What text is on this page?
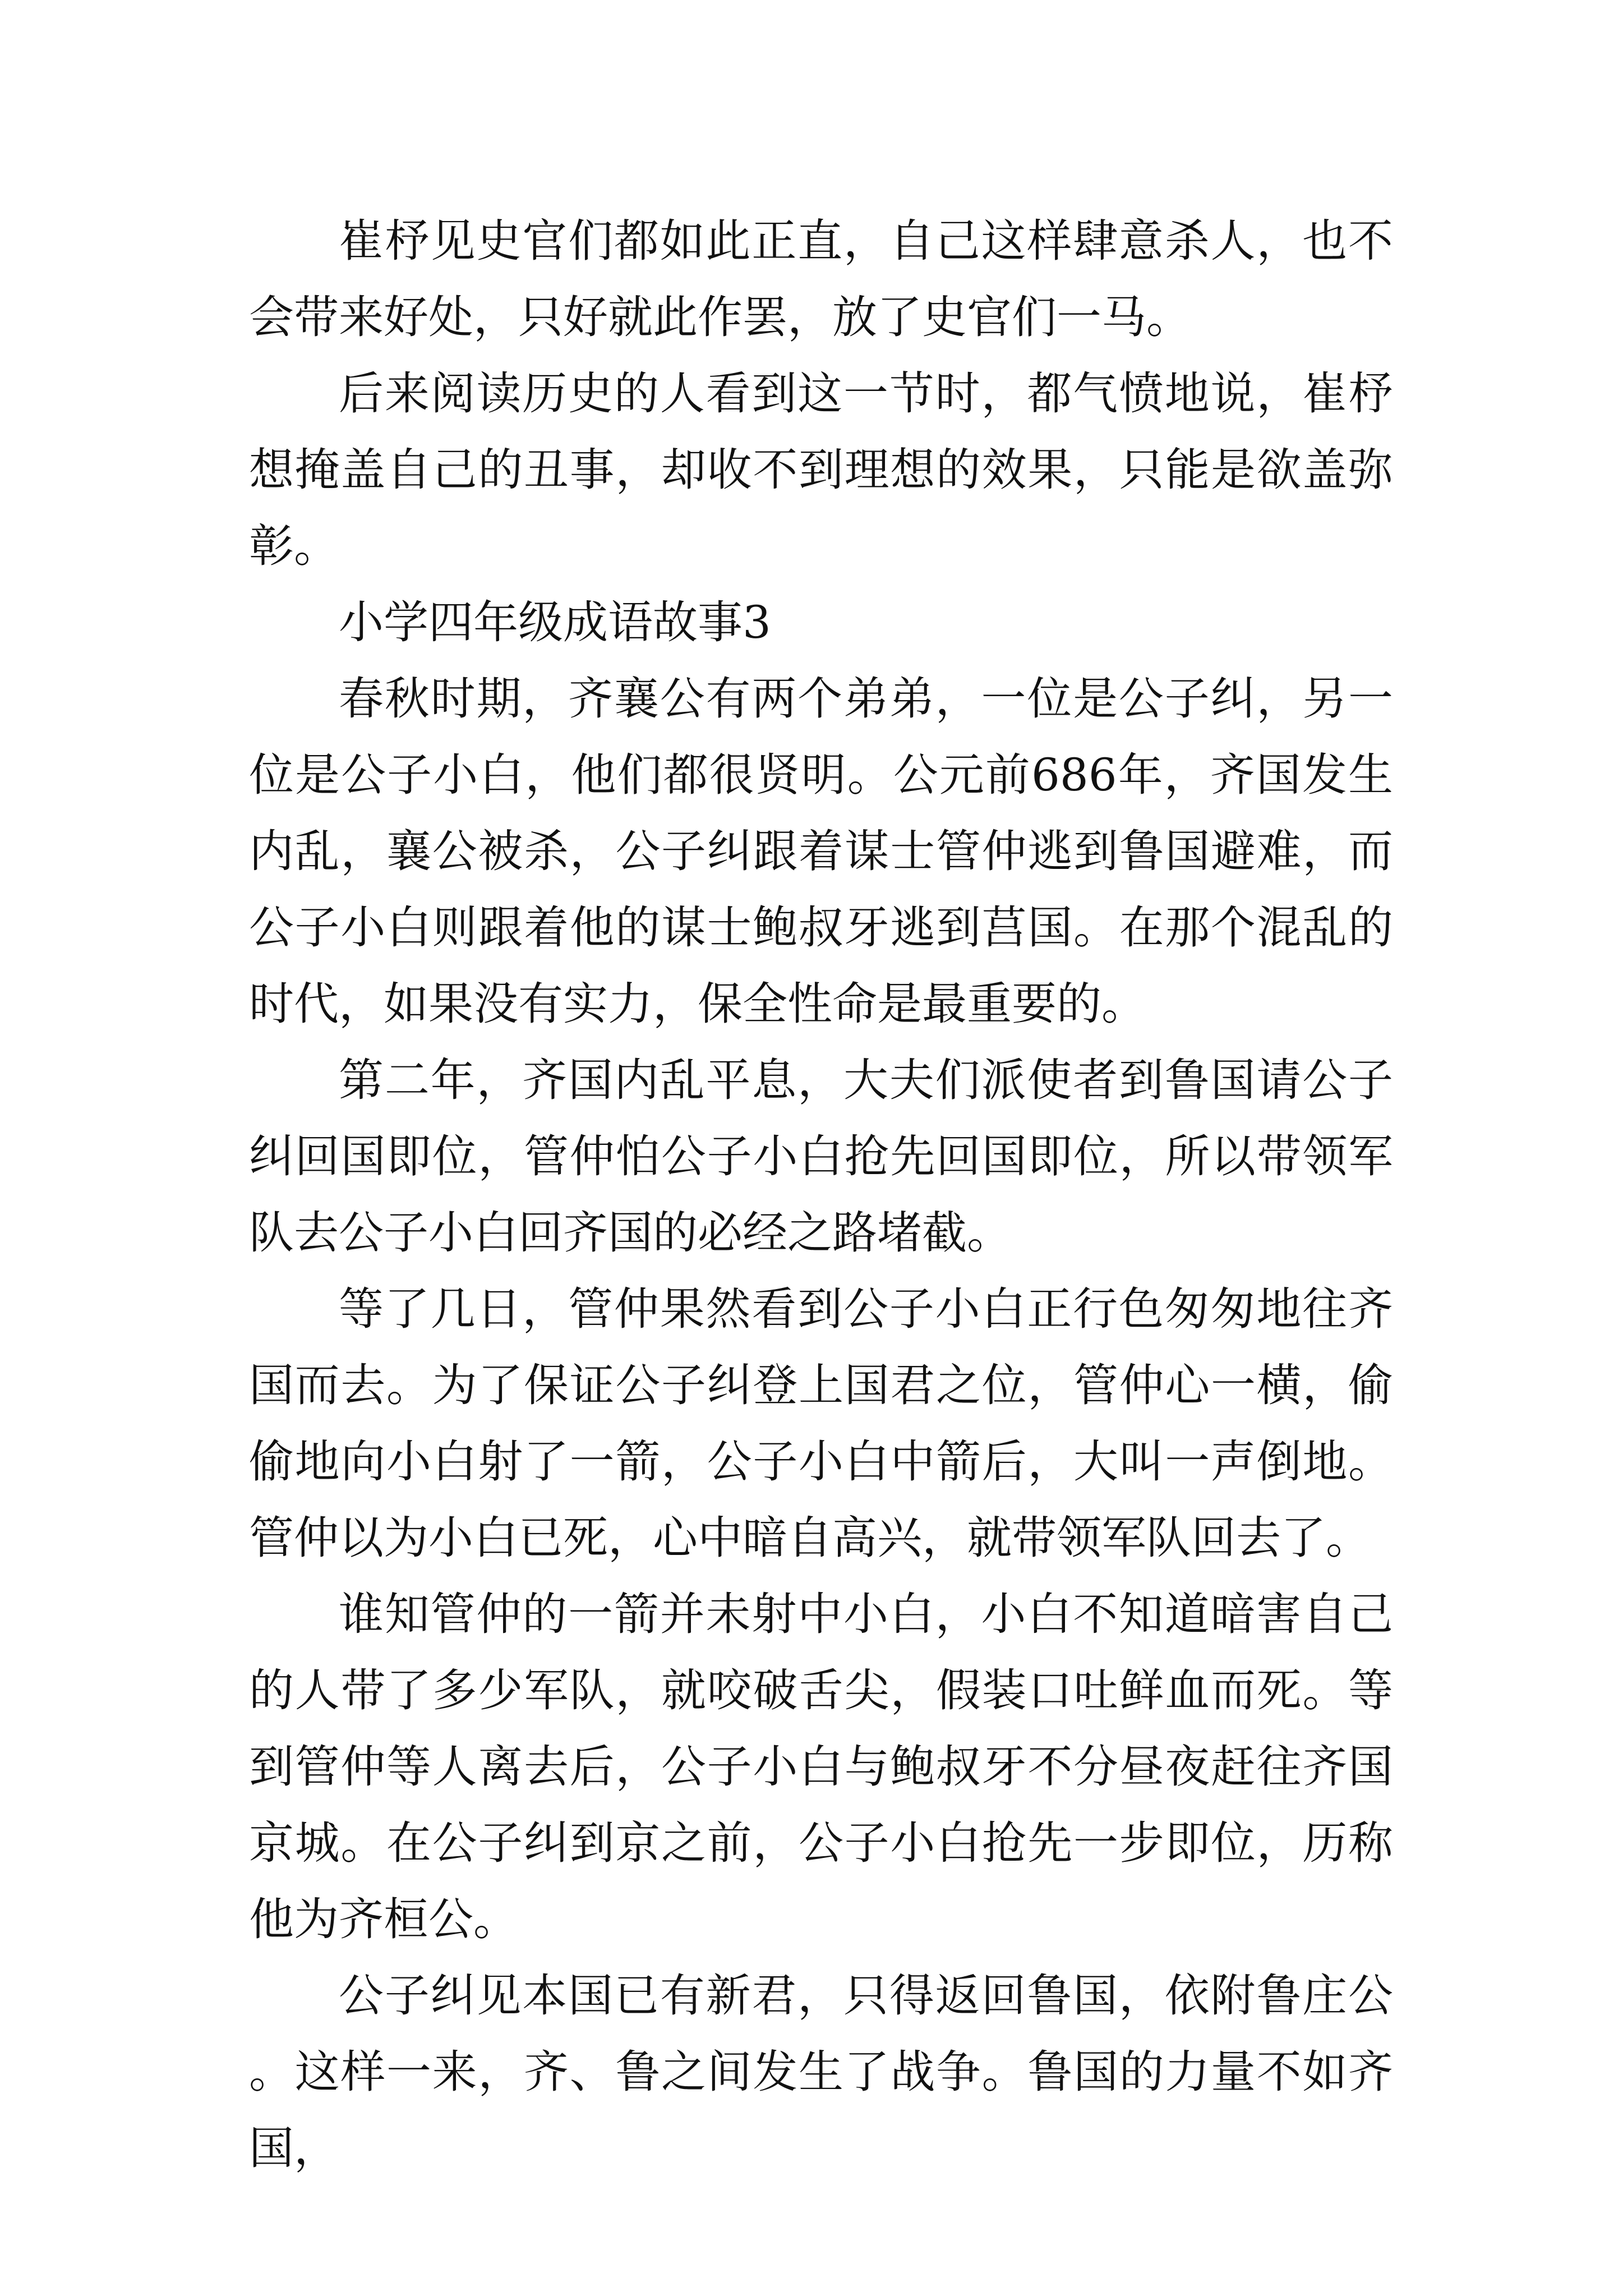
崔杼见史官们都如此正直，自己这样肆意杀人，也不会带来好处，只好就此作罢，放了史官们一马。

后来阅读历史的人看到这一节时，都气愤地说，崔杼想掩盖自己的丑事，却收不到理想的效果，只能是欲盖弥彰。

小学四年级成语故事3

春秋时期，齐襄公有两个弟弟，一位是公子纠，另一位是公子小白，他们都很贤明。公元前686年，齐国发生内乱，襄公被杀，公子纠跟着谋士管仲逃到鲁国避难，而公子小白则跟着他的谋士鲍叔牙逃到莒国。在那个混乱的时代，如果没有实力，保全性命是最重要的。

第二年，齐国内乱平息，大夫们派使者到鲁国请公子纠回国即位，管仲怕公子小白抢先回国即位，所以带领军队去公子小白回齐国的必经之路堵截。

等了几日，管仲果然看到公子小白正行色匆匆地往齐国而去。为了保证公子纠登上国君之位，管仲心一横，偷偷地向小白射了一箭，公子小白中箭后，大叫一声倒地。管仲以为小白已死，心中暗自高兴，就带领军队回去了。

谁知管仲的一箭并未射中小白，小白不知道暗害自己的人带了多少军队，就咬破舌尖，假装口吐鲜血而死。等到管仲等人离去后，公子小白与鲍叔牙不分昼夜赶往齐国京城。在公子纠到京之前，公子小白抢先一步即位，历称他为齐桓公。

公子纠见本国已有新君，只得返回鲁国，依附鲁庄公。这样一来，齐、鲁之间发生了战争。鲁国的力量不如齐国，
